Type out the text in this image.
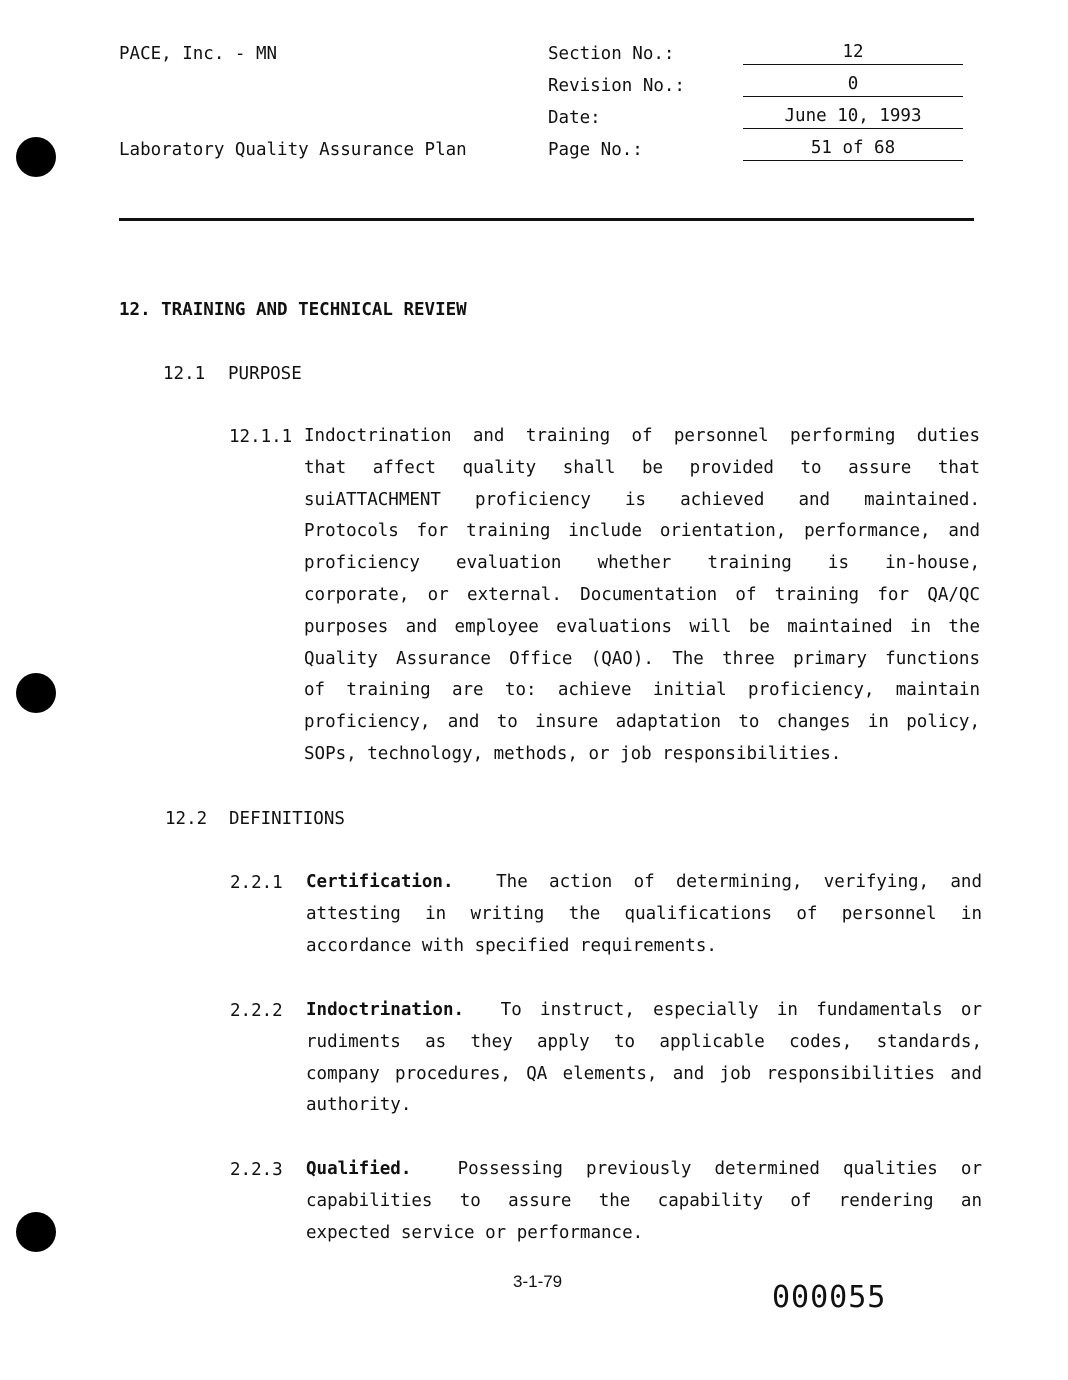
PACE, Inc. - MN
Laboratory Quality Assurance Plan
Section No.:	12
Revision No.:	0
Date:	June 10, 1993
Page No.:	51 of 68
12. TRAINING AND TECHNICAL REVIEW
12.1 PURPOSE
12.1.1 Indoctrination and training of personnel performing duties
that affect quality shall be provided to assure that
suiATTACHMENT proficiency is achieved and maintained.
Protocols for training include orientation, performance, and
proficiency evaluation whether training is in-house,
corporate, or external. Documentation of training for QA/QC
purposes and employee evaluations will be maintained in the
Quality Assurance Office (QAO). The three primary functions
of training are to: achieve initial proficiency, maintain
proficiency, and to insure adaptation to changes in policy,
SOPs, technology, methods, or job responsibilities.
12.2 DEFINITIONS
2.2.1 Certification. The action of determining, verifying, and
attesting in writing the qualifications of personnel in
accordance with specified requirements.
2.2.2 Indoctrination. To instruct, especially in fundamentals or
rudiments as they apply to applicable codes, standards,
company procedures, QA elements, and job responsibilities and
authority.
2.2.3 Qualified.	Possessing previously determined qualities or
capabilities to assure the capability of rendering an
expected service or performance.
3-1-79	000055
